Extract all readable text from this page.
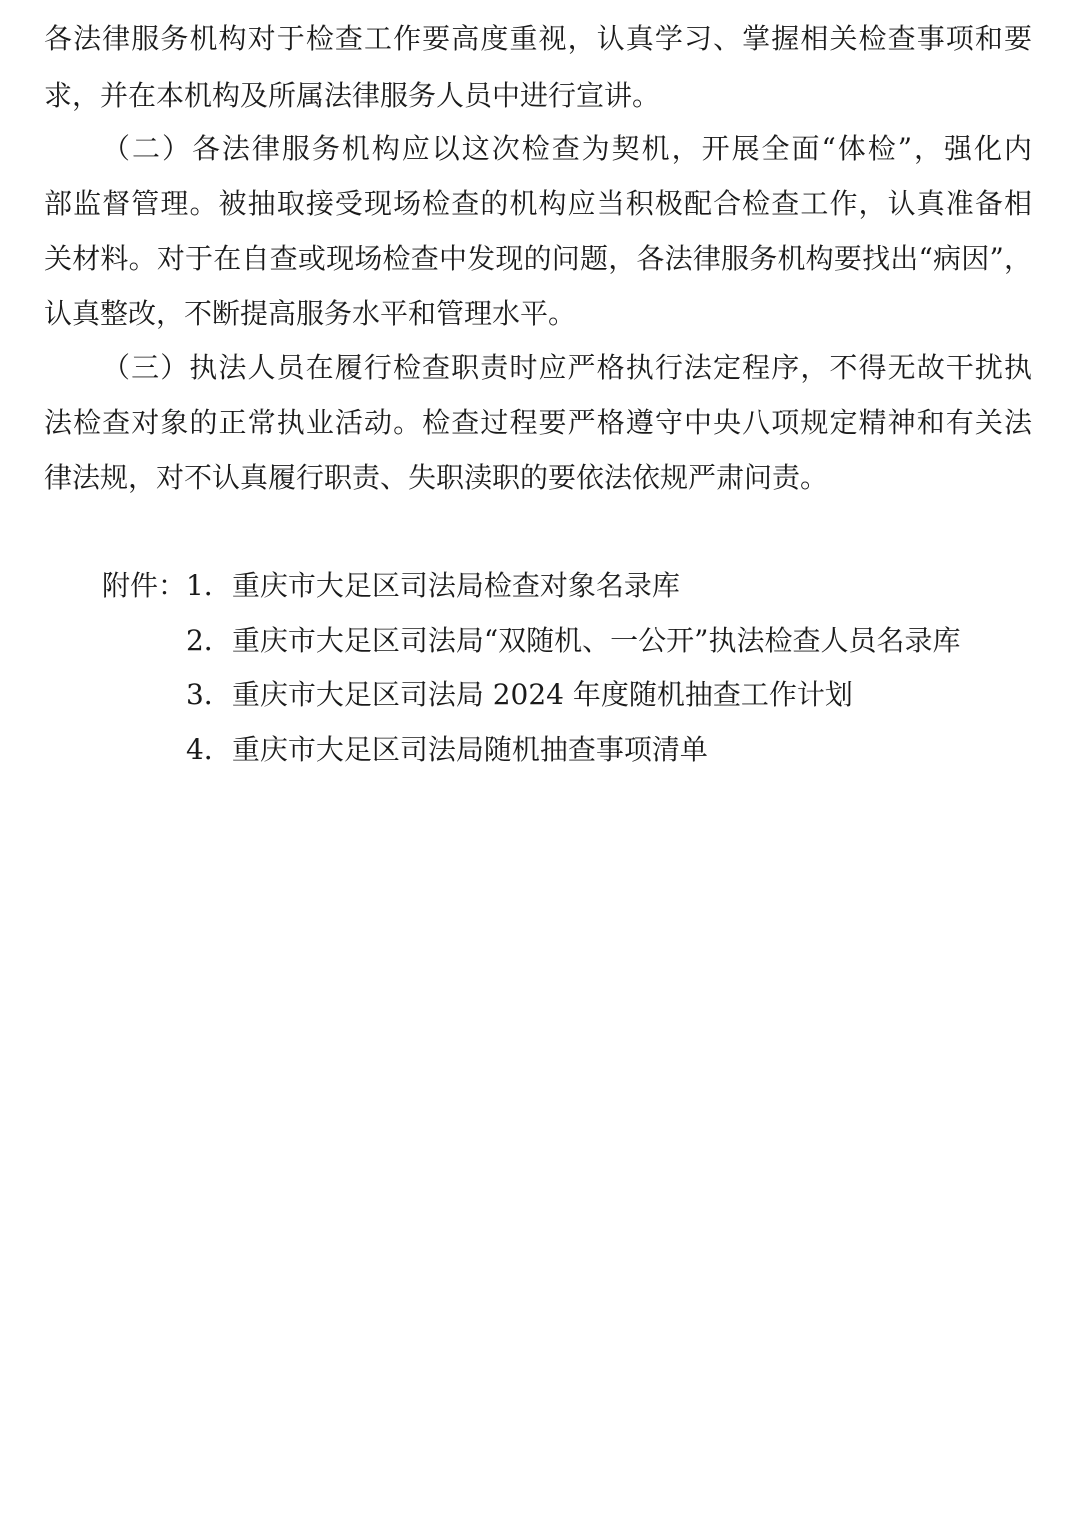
各法律服务机构对于检查工作要高度重视，认真学习、掌握相关检查事项和要
求，并在本机构及所属法律服务人员中进行宣讲。
（二）各法律服务机构应以这次检查为契机，开展全面“体检”，强化内
部监督管理。被抽取接受现场检查的机构应当积极配合检查工作，认真准备相
关材料。对于在自查或现场检查中发现的问题，各法律服务机构要找出“病因”，
认真整改，不断提高服务水平和管理水平。
（三）执法人员在履行检查职责时应严格执行法定程序，不得无故干扰执
法检查对象的正常执业活动。检查过程要严格遵守中央八项规定精神和有关法
律法规，对不认真履行职责、失职渎职的要依法依规严肃问责。
附件： 1．重庆市大足区司法局检查对象名录库
2．重庆市大足区司法局“双随机、一公开”执法检查人员名录库
3．重庆市大足区司法局 2024 年度随机抽查工作计划
4．重庆市大足区司法局随机抽查事项清单
